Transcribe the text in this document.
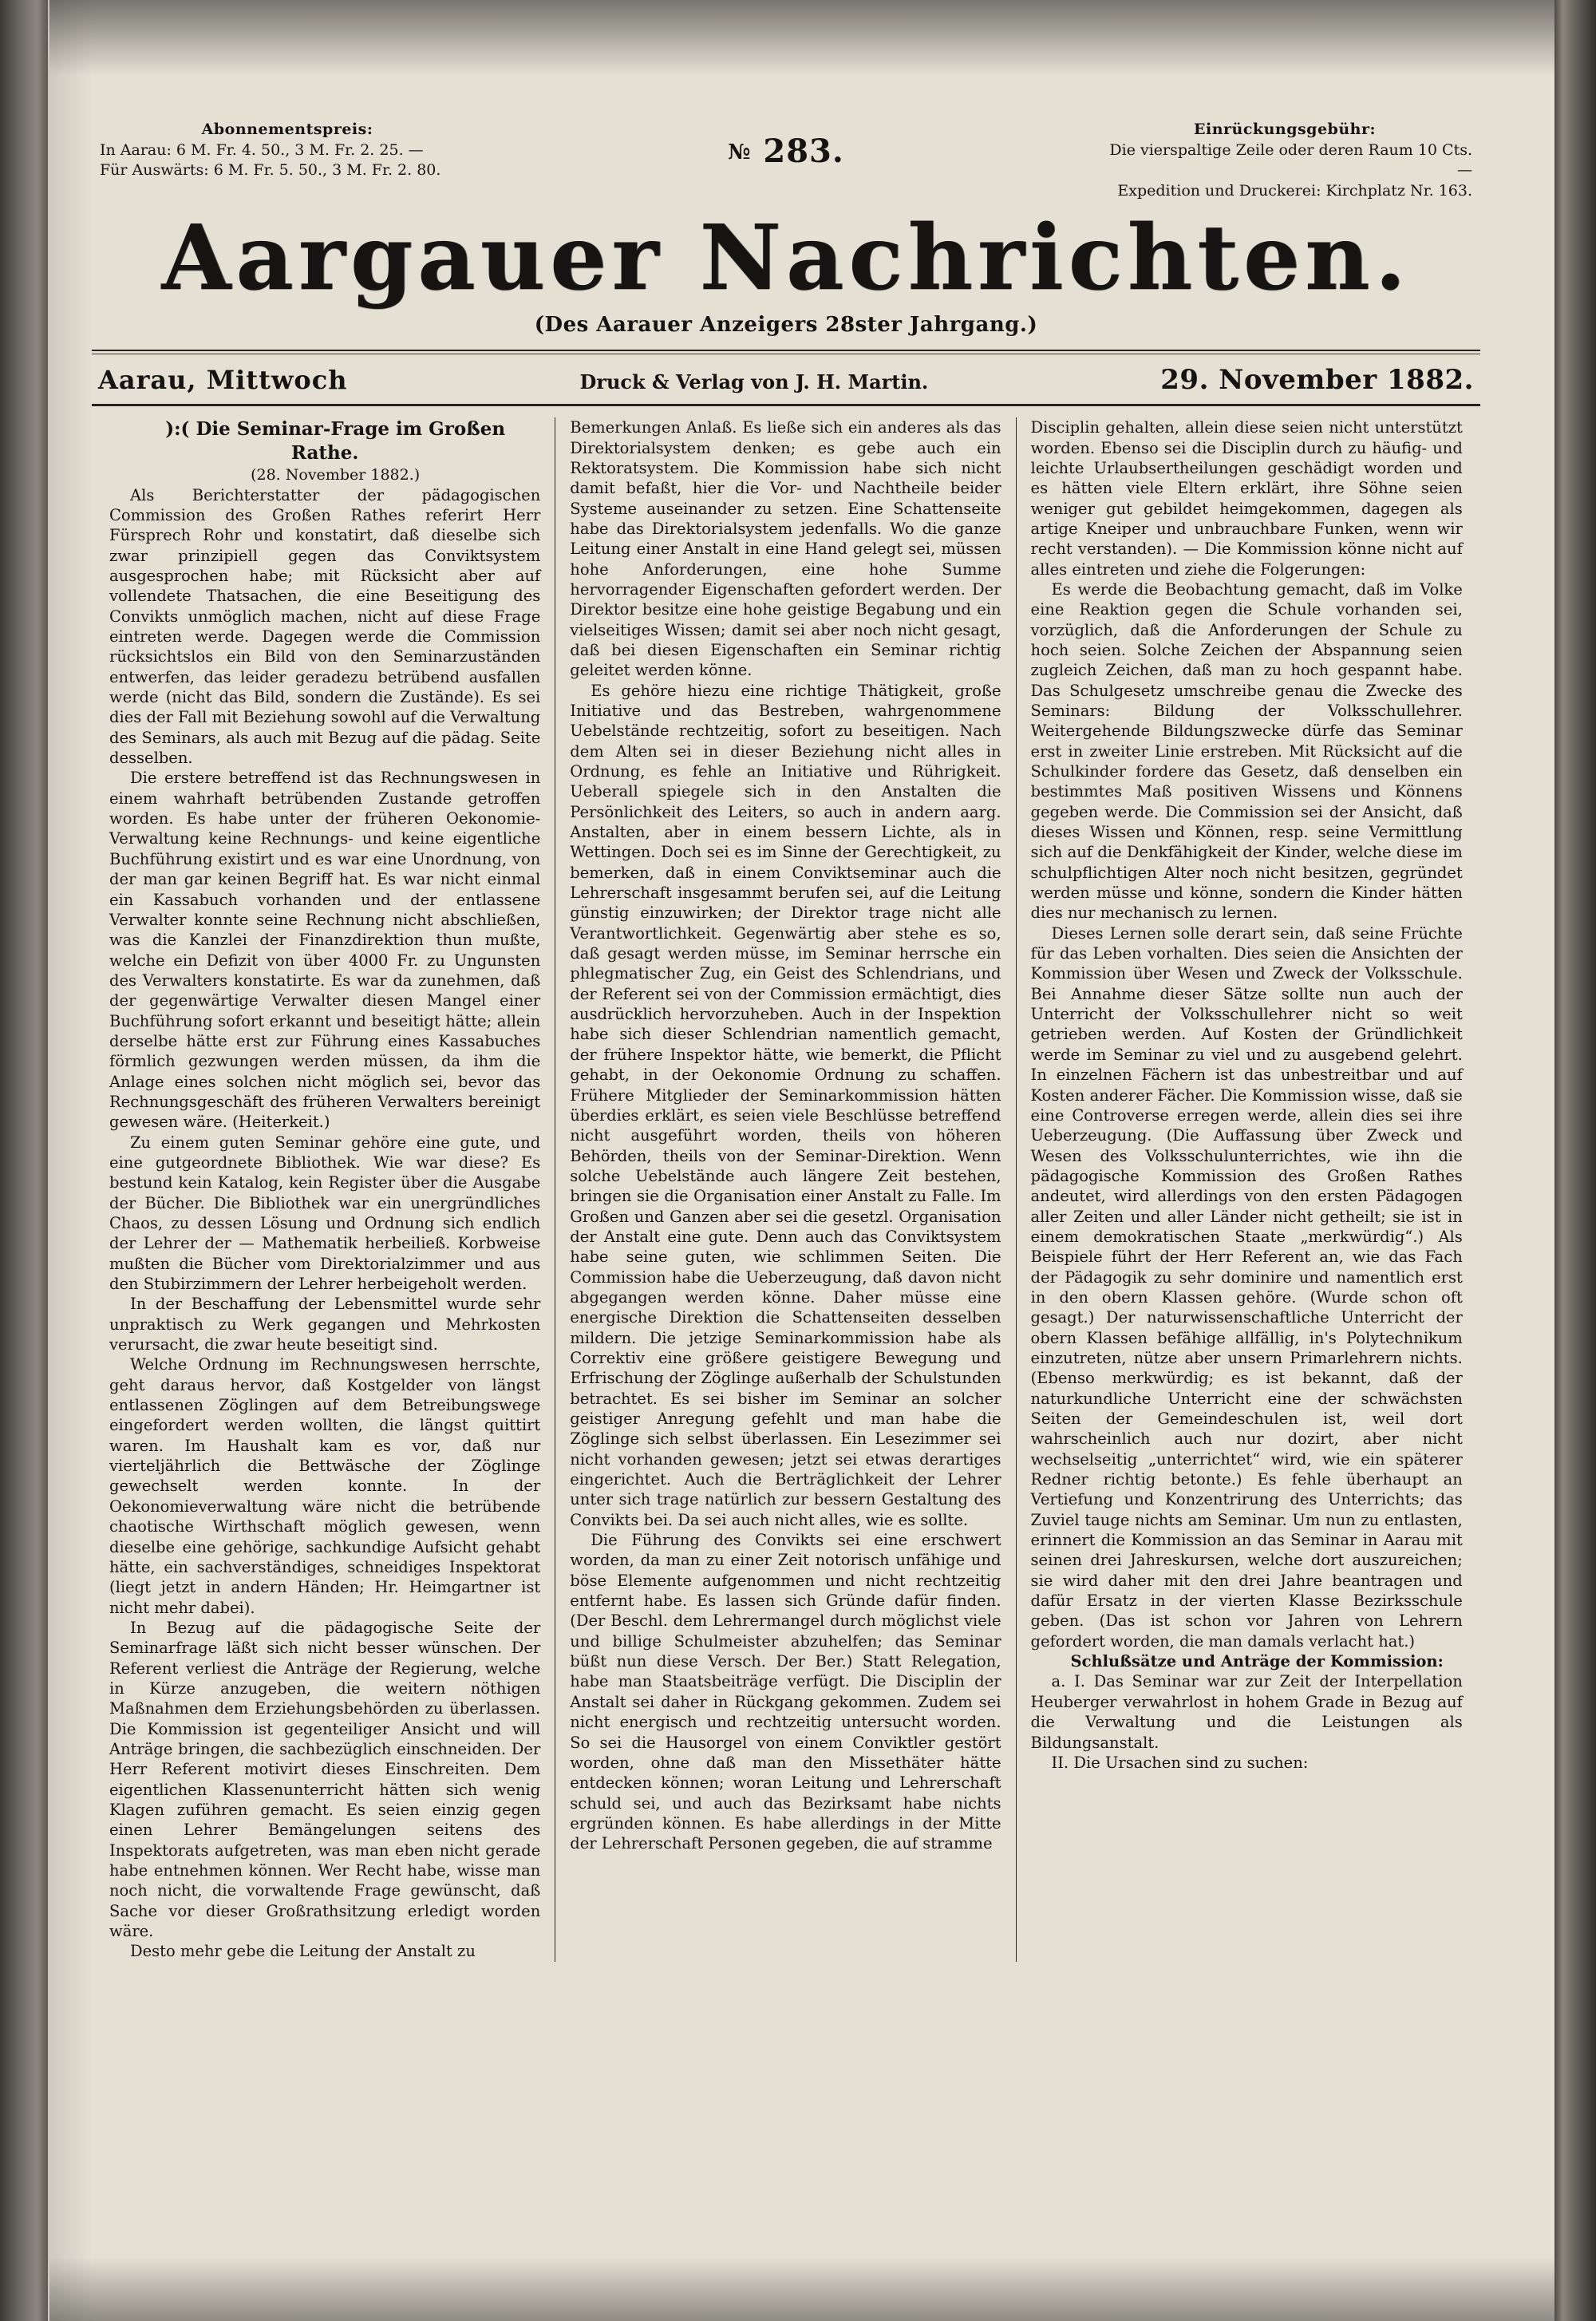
Abonnementspreis:
In Aarau: 6 M. Fr. 4. 50., 3 M. Fr. 2. 25. —
Für Auswärts: 6 M. Fr. 5. 50., 3 M. Fr. 2. 80.
№ 283.
Einrückungsgebühr:
Die vierspaltige Zeile oder deren Raum 10 Cts. —
Expedition und Druckerei: Kirchplatz Nr. 163.
Aargauer Nachrichten.
(Des Aarauer Anzeigers 28ster Jahrgang.)
Aarau, Mittwoch	Druck & Verlag von J. H. Martin.	29. November 1882.

):( Die Seminar-Frage im Großen Rathe.

(28. November 1882.)

Als Berichterstatter der pädagogischen Commission des Großen Rathes referirt Herr Fürsprech Rohr und konstatirt, daß dieselbe sich zwar prinzipiell gegen das Conviktsystem ausgesprochen habe; mit Rücksicht aber auf vollendete Thatsachen, die eine Beseitigung des Convikts unmöglich machen, nicht auf diese Frage eintreten werde. Dagegen werde die Commission rücksichtslos ein Bild von den Seminarzuständen entwerfen, das leider geradezu betrübend ausfallen werde (nicht das Bild, sondern die Zustände). Es sei dies der Fall mit Beziehung sowohl auf die Verwaltung des Seminars, als auch mit Bezug auf die pädag. Seite desselben.

Die erstere betreffend ist das Rechnungswesen in einem wahrhaft betrübenden Zustande getroffen worden. Es habe unter der früheren Oekonomie-Verwaltung keine Rechnungs- und keine eigentliche Buchführung existirt und es war eine Unordnung, von der man gar keinen Begriff hat. Es war nicht einmal ein Kassabuch vorhanden und der entlassene Verwalter konnte seine Rechnung nicht abschließen, was die Kanzlei der Finanzdirektion thun mußte, welche ein Defizit von über 4000 Fr. zu Ungunsten des Verwalters konstatirte. Es war da zunehmen, daß der gegenwärtige Verwalter diesen Mangel einer Buchführung sofort erkannt und beseitigt hätte; allein derselbe hätte erst zur Führung eines Kassabuches förmlich gezwungen werden müssen, da ihm die Anlage eines solchen nicht möglich sei, bevor das Rechnungsgeschäft des früheren Verwalters bereinigt gewesen wäre. (Heiterkeit.)

Zu einem guten Seminar gehöre eine gute, und eine gutgeordnete Bibliothek. Wie war diese? Es bestund kein Katalog, kein Register über die Ausgabe der Bücher. Die Bibliothek war ein unergründliches Chaos, zu dessen Lösung und Ordnung sich endlich der Lehrer der — Mathematik herbeiließ. Korbweise mußten die Bücher vom Direktorialzimmer und aus den Stubirzimmern der Lehrer herbeigeholt werden.

In der Beschaffung der Lebensmittel wurde sehr unpraktisch zu Werk gegangen und Mehrkosten verursacht, die zwar heute beseitigt sind.

Welche Ordnung im Rechnungswesen herrschte, geht daraus hervor, daß Kostgelder von längst entlassenen Zöglingen auf dem Betreibungswege eingefordert werden wollten, die längst quittirt waren. Im Haushalt kam es vor, daß nur vierteljährlich die Bettwäsche der Zöglinge gewechselt werden konnte. In der Oekonomieverwaltung wäre nicht die betrübende chaotische Wirthschaft möglich gewesen, wenn dieselbe eine gehörige, sachkundige Aufsicht gehabt hätte, ein sachverständiges, schneidiges Inspektorat (liegt jetzt in andern Händen; Hr. Heimgartner ist nicht mehr dabei).

In Bezug auf die pädagogische Seite der Seminarfrage läßt sich nicht besser wünschen. Der Referent verliest die Anträge der Regierung, welche in Kürze anzugeben, die weitern nöthigen Maßnahmen dem Erziehungsbehörden zu überlassen. Die Kommission ist gegenteiliger Ansicht und will Anträge bringen, die sachbezüglich einschneiden. Der Herr Referent motivirt dieses Einschreiten. Dem eigentlichen Klassenunterricht hätten sich wenig Klagen zuführen gemacht. Es seien einzig gegen einen Lehrer Bemängelungen seitens des Inspektorats aufgetreten, was man eben nicht gerade habe entnehmen können. Wer Recht habe, wisse man noch nicht, die vorwaltende Frage gewünscht, daß Sache vor dieser Großrathsitzung erledigt worden wäre.

Desto mehr gebe die Leitung der Anstalt zu

Bemerkungen Anlaß. Es ließe sich ein anderes als das Direktorialsystem denken; es gebe auch ein Rektoratsystem. Die Kommission habe sich nicht damit befaßt, hier die Vor- und Nachtheile beider Systeme auseinander zu setzen. Eine Schattenseite habe das Direktorialsystem jedenfalls. Wo die ganze Leitung einer Anstalt in eine Hand gelegt sei, müssen hohe Anforderungen, eine hohe Summe hervorragender Eigenschaften gefordert werden. Der Direktor besitze eine hohe geistige Begabung und ein vielseitiges Wissen; damit sei aber noch nicht gesagt, daß bei diesen Eigenschaften ein Seminar richtig geleitet werden könne.

Es gehöre hiezu eine richtige Thätigkeit, große Initiative und das Bestreben, wahrgenommene Uebelstände rechtzeitig, sofort zu beseitigen. Nach dem Alten sei in dieser Beziehung nicht alles in Ordnung, es fehle an Initiative und Rührigkeit. Ueberall spiegele sich in den Anstalten die Persönlichkeit des Leiters, so auch in andern aarg. Anstalten, aber in einem bessern Lichte, als in Wettingen. Doch sei es im Sinne der Gerechtigkeit, zu bemerken, daß in einem Conviktseminar auch die Lehrerschaft insgesammt berufen sei, auf die Leitung günstig einzuwirken; der Direktor trage nicht alle Verantwortlichkeit. Gegenwärtig aber stehe es so, daß gesagt werden müsse, im Seminar herrsche ein phlegmatischer Zug, ein Geist des Schlendrians, und der Referent sei von der Commission ermächtigt, dies ausdrücklich hervorzuheben. Auch in der Inspektion habe sich dieser Schlendrian namentlich gemacht, der frühere Inspektor hätte, wie bemerkt, die Pflicht gehabt, in der Oekonomie Ordnung zu schaffen. Frühere Mitglieder der Seminarkommission hätten überdies erklärt, es seien viele Beschlüsse betreffend nicht ausgeführt worden, theils von höheren Behörden, theils von der Seminar-Direktion. Wenn solche Uebelstände auch längere Zeit bestehen, bringen sie die Organisation einer Anstalt zu Falle. Im Großen und Ganzen aber sei die gesetzl. Organisation der Anstalt eine gute. Denn auch das Conviktsystem habe seine guten, wie schlimmen Seiten. Die Commission habe die Ueberzeugung, daß davon nicht abgegangen werden könne. Daher müsse eine energische Direktion die Schattenseiten desselben mildern. Die jetzige Seminarkommission habe als Correktiv eine größere geistigere Bewegung und Erfrischung der Zöglinge außerhalb der Schulstunden betrachtet. Es sei bisher im Seminar an solcher geistiger Anregung gefehlt und man habe die Zöglinge sich selbst überlassen. Ein Lesezimmer sei nicht vorhanden gewesen; jetzt sei etwas derartiges eingerichtet. Auch die Berträglichkeit der Lehrer unter sich trage natürlich zur bessern Gestaltung des Convikts bei. Da sei auch nicht alles, wie es sollte.

Die Führung des Convikts sei eine erschwert worden, da man zu einer Zeit notorisch unfähige und böse Elemente aufgenommen und nicht rechtzeitig entfernt habe. Es lassen sich Gründe dafür finden. (Der Beschl. dem Lehrermangel durch möglichst viele und billige Schulmeister abzuhelfen; das Seminar büßt nun diese Versch. Der Ber.) Statt Relegation, habe man Staatsbeiträge verfügt. Die Disciplin der Anstalt sei daher in Rückgang gekommen. Zudem sei nicht energisch und rechtzeitig untersucht worden. So sei die Hausorgel von einem Conviktler gestört worden, ohne daß man den Missethäter hätte entdecken können; woran Leitung und Lehrerschaft schuld sei, und auch das Bezirksamt habe nichts ergründen können. Es habe allerdings in der Mitte der Lehrerschaft Personen gegeben, die auf stramme

Disciplin gehalten, allein diese seien nicht unterstützt worden. Ebenso sei die Disciplin durch zu häufig- und leichte Urlaubsertheilungen geschädigt worden und es hätten viele Eltern erklärt, ihre Söhne seien weniger gut gebildet heimgekommen, dagegen als artige Kneiper und unbrauchbare Funken, wenn wir recht verstanden). — Die Kommission könne nicht auf alles eintreten und ziehe die Folgerungen:

Es werde die Beobachtung gemacht, daß im Volke eine Reaktion gegen die Schule vorhanden sei, vorzüglich, daß die Anforderungen der Schule zu hoch seien. Solche Zeichen der Abspannung seien zugleich Zeichen, daß man zu hoch gespannt habe. Das Schulgesetz umschreibe genau die Zwecke des Seminars: Bildung der Volksschullehrer. Weitergehende Bildungszwecke dürfe das Seminar erst in zweiter Linie erstreben. Mit Rücksicht auf die Schulkinder fordere das Gesetz, daß denselben ein bestimmtes Maß positiven Wissens und Könnens gegeben werde. Die Commission sei der Ansicht, daß dieses Wissen und Können, resp. seine Vermittlung sich auf die Denkfähigkeit der Kinder, welche diese im schulpflichtigen Alter noch nicht besitzen, gegründet werden müsse und könne, sondern die Kinder hätten dies nur mechanisch zu lernen.

Dieses Lernen solle derart sein, daß seine Früchte für das Leben vorhalten. Dies seien die Ansichten der Kommission über Wesen und Zweck der Volksschule. Bei Annahme dieser Sätze sollte nun auch der Unterricht der Volksschullehrer nicht so weit getrieben werden. Auf Kosten der Gründlichkeit werde im Seminar zu viel und zu ausgebend gelehrt. In einzelnen Fächern ist das unbestreitbar und auf Kosten anderer Fächer. Die Kommission wisse, daß sie eine Controverse erregen werde, allein dies sei ihre Ueberzeugung. (Die Auffassung über Zweck und Wesen des Volksschulunterrichtes, wie ihn die pädagogische Kommission des Großen Rathes andeutet, wird allerdings von den ersten Pädagogen aller Zeiten und aller Länder nicht getheilt; sie ist in einem demokratischen Staate „merkwürdig“.) Als Beispiele führt der Herr Referent an, wie das Fach der Pädagogik zu sehr dominire und namentlich erst in den obern Klassen gehöre. (Wurde schon oft gesagt.) Der naturwissenschaftliche Unterricht der obern Klassen befähige allfällig, in's Polytechnikum einzutreten, nütze aber unsern Primarlehrern nichts. (Ebenso merkwürdig; es ist bekannt, daß der naturkundliche Unterricht eine der schwächsten Seiten der Gemeindeschulen ist, weil dort wahrscheinlich auch nur dozirt, aber nicht wechselseitig „unterrichtet“ wird, wie ein späterer Redner richtig betonte.) Es fehle überhaupt an Vertiefung und Konzentrirung des Unterrichts; das Zuviel tauge nichts am Seminar. Um nun zu entlasten, erinnert die Kommission an das Seminar in Aarau mit seinen drei Jahreskursen, welche dort auszureichen; sie wird daher mit den drei Jahre beantragen und dafür Ersatz in der vierten Klasse Bezirksschule geben. (Das ist schon vor Jahren von Lehrern gefordert worden, die man damals verlacht hat.)

Schlußsätze und Anträge der Kommission:

a. I. Das Seminar war zur Zeit der Interpellation Heuberger verwahrlost in hohem Grade in Bezug auf die Verwaltung und die Leistungen als Bildungsanstalt.

II. Die Ursachen sind zu suchen:
